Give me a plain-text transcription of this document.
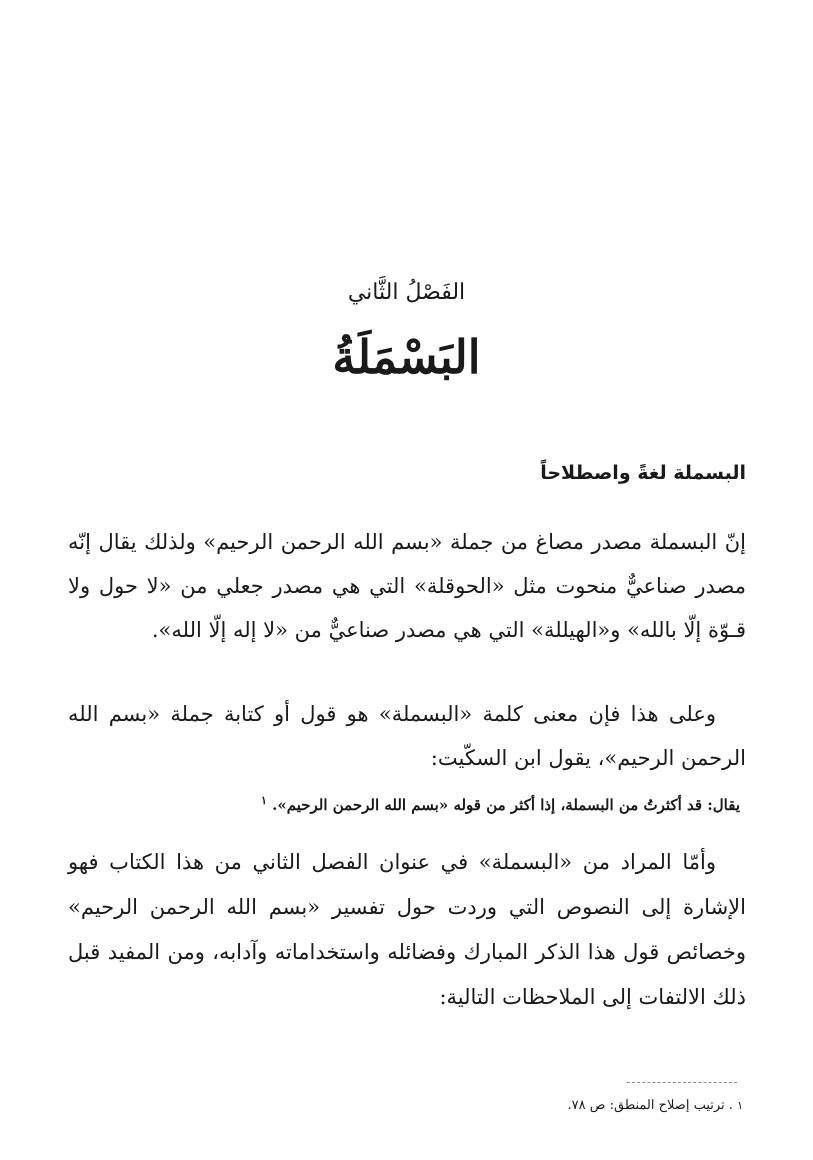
الفَصْلُ الثَّاني
البَسْمَلَةُ
البسملة لغةً واصطلاحاً

إنّ البسملة مصدر مصاغ من جملة «بسم الله الرحمن الرحيم» ولذلك يقال إنّه مصدر صناعيٌّ منحوت مثل «الحوقلة» التي هي مصدر جعلي من «لا حول ولا قـوّة إلّا بالله» و«الهيللة» التي هي مصدر صناعيٌّ من «لا إله إلّا الله».

وعلى هذا فإن معنى كلمة «البسملة» هو قول أو كتابة جملة «بسم الله الرحمن الرحيم»، يقول ابن السكّيت:

يقال: قد أكثرتُ من البسملة، إذا أكثر من قوله «بسم الله الرحمن الرحيم». $^١$

وأمّا المراد من «البسملة» في عنوان الفصل الثاني من هذا الكتاب فهو الإشارة إلى النصوص التي وردت حول تفسير «بسم الله الرحمن الرحيم» وخصائص قول هذا الذكر المبارك وفضائله واستخداماته وآدابه، ومن المفيد قبل ذلك الالتفات إلى الملاحظات التالية:

١ . ترتيب إصلاح المنطق: ص ٧٨.
